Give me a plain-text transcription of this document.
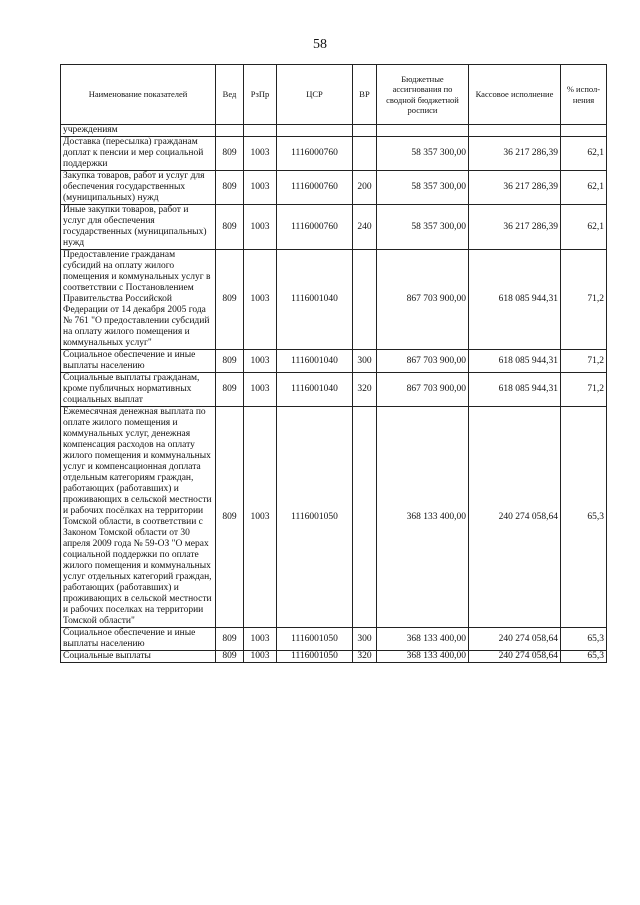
58
Наименование показателей	Вед	РзПр	ЦСР	ВР	Бюджетные ассигнования по сводной бюджетной росписи	Кассовое исполнение	% испол-нения
учреждениям							
Доставка (пересылка) гражданам доплат к пенсии и мер социальной поддержки	809	1003	1116000760		58 357 300,00	36 217 286,39	62,1
Закупка товаров, работ и услуг для обеспечения государственных (муниципальных) нужд	809	1003	1116000760	200	58 357 300,00	36 217 286,39	62,1
Иные закупки товаров, работ и услуг для обеспечения государственных (муниципальных) нужд	809	1003	1116000760	240	58 357 300,00	36 217 286,39	62,1
Предоставление гражданам субсидий на оплату жилого помещения и коммунальных услуг в соответствии с Постановлением Правительства Российской Федерации от 14 декабря 2005 года № 761 "О предоставлении субсидий на оплату жилого помещения и коммунальных услуг"	809	1003	1116001040		867 703 900,00	618 085 944,31	71,2
Социальное обеспечение и иные выплаты населению	809	1003	1116001040	300	867 703 900,00	618 085 944,31	71,2
Социальные выплаты гражданам, кроме публичных нормативных социальных выплат	809	1003	1116001040	320	867 703 900,00	618 085 944,31	71,2
Ежемесячная денежная выплата по оплате жилого помещения и коммунальных услуг, денежная компенсация расходов на оплату жилого помещения и коммунальных услуг и компенсационная доплата отдельным категориям граждан, работающих (работавших) и проживающих в сельской местности и рабочих посёлках на территории Томской области, в соответствии с Законом Томской области от 30 апреля 2009 года № 59-ОЗ "О мерах социальной поддержки по оплате жилого помещения и коммунальных услуг отдельных категорий граждан, работающих (работавших) и проживающих в сельской местности и рабочих поселках на территории Томской области"	809	1003	1116001050		368 133 400,00	240 274 058,64	65,3
Социальное обеспечение и иные выплаты населению	809	1003	1116001050	300	368 133 400,00	240 274 058,64	65,3
Социальные выплаты	809	1003	1116001050	320	368 133 400,00	240 274 058,64	65,3
